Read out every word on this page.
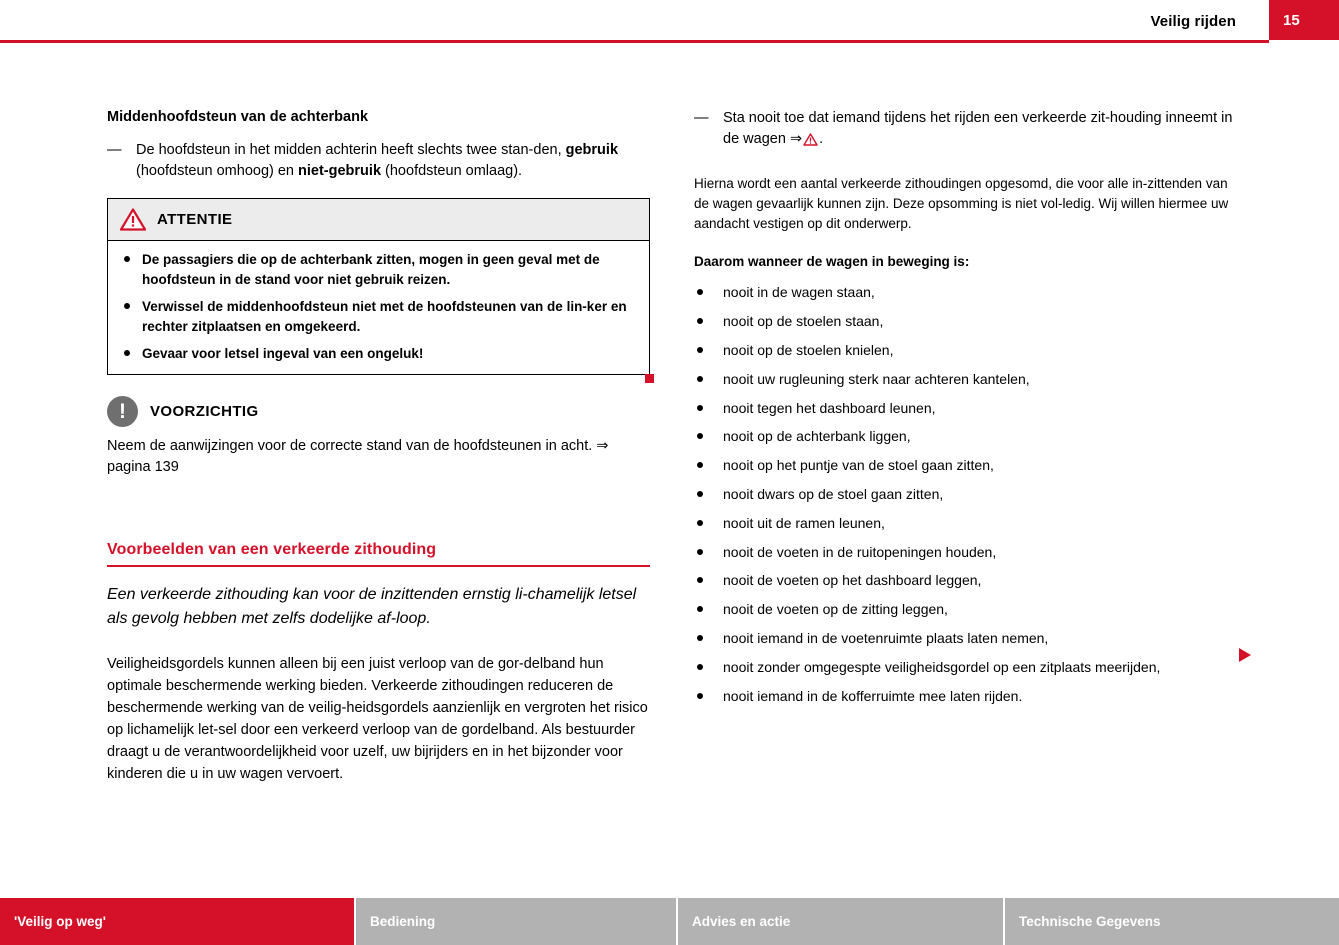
Veilig rijden	15
Middenhoofdsteun van de achterbank
— De hoofdsteun in het midden achterin heeft slechts twee stan-den, gebruik (hoofdsteun omhoog) en niet-gebruik (hoofdsteun omlaag).
ATTENTIE
De passagiers die op de achterbank zitten, mogen in geen geval met de hoofdsteun in de stand voor niet gebruik reizen.
Verwissel de middenhoofdsteun niet met de hoofdsteunen van de lin-ker en rechter zitplaatsen en omgekeerd.
Gevaar voor letsel ingeval van een ongeluk!
!	VOORZICHTIG
Neem de aanwijzingen voor de correcte stand van de hoofdsteunen in acht. ⇒ pagina 139
Voorbeelden van een verkeerde zithouding

Een verkeerde zithouding kan voor de inzittenden ernstig li-chamelijk letsel als gevolg hebben met zelfs dodelijke af-loop.

Veiligheidsgordels kunnen alleen bij een juist verloop van de gor-delband hun optimale beschermende werking bieden. Verkeerde zithoudingen reduceren de beschermende werking van de veilig-heidsgordels aanzienlijk en vergroten het risico op lichamelijk let-sel door een verkeerd verloop van de gordelband. Als bestuurder draagt u de verantwoordelijkheid voor uzelf, uw bijrijders en in het bijzonder voor kinderen die u in uw wagen vervoert.

— Sta nooit toe dat iemand tijdens het rijden een verkeerde zit-houding inneemt in de wagen ⇒ .

Hierna wordt een aantal verkeerde zithoudingen opgesomd, die voor alle in-zittenden van de wagen gevaarlijk kunnen zijn. Deze opsomming is niet vol-ledig. Wij willen hiermee uw aandacht vestigen op dit onderwerp.

Daarom wanneer de wagen in beweging is:

nooit in de wagen staan,
nooit op de stoelen staan,
nooit op de stoelen knielen,
nooit uw rugleuning sterk naar achteren kantelen,
nooit tegen het dashboard leunen,
nooit op de achterbank liggen,
nooit op het puntje van de stoel gaan zitten,
nooit dwars op de stoel gaan zitten,
nooit uit de ramen leunen,
nooit de voeten in de ruitopeningen houden,
nooit de voeten op het dashboard leggen,
nooit de voeten op de zitting leggen,
nooit iemand in de voetenruimte plaats laten nemen,
nooit zonder omgegespte veiligheidsgordel op een zitplaats meerijden,
nooit iemand in de kofferruimte mee laten rijden.
'Veilig op weg'	Bediening	Advies en actie	Technische Gegevens
